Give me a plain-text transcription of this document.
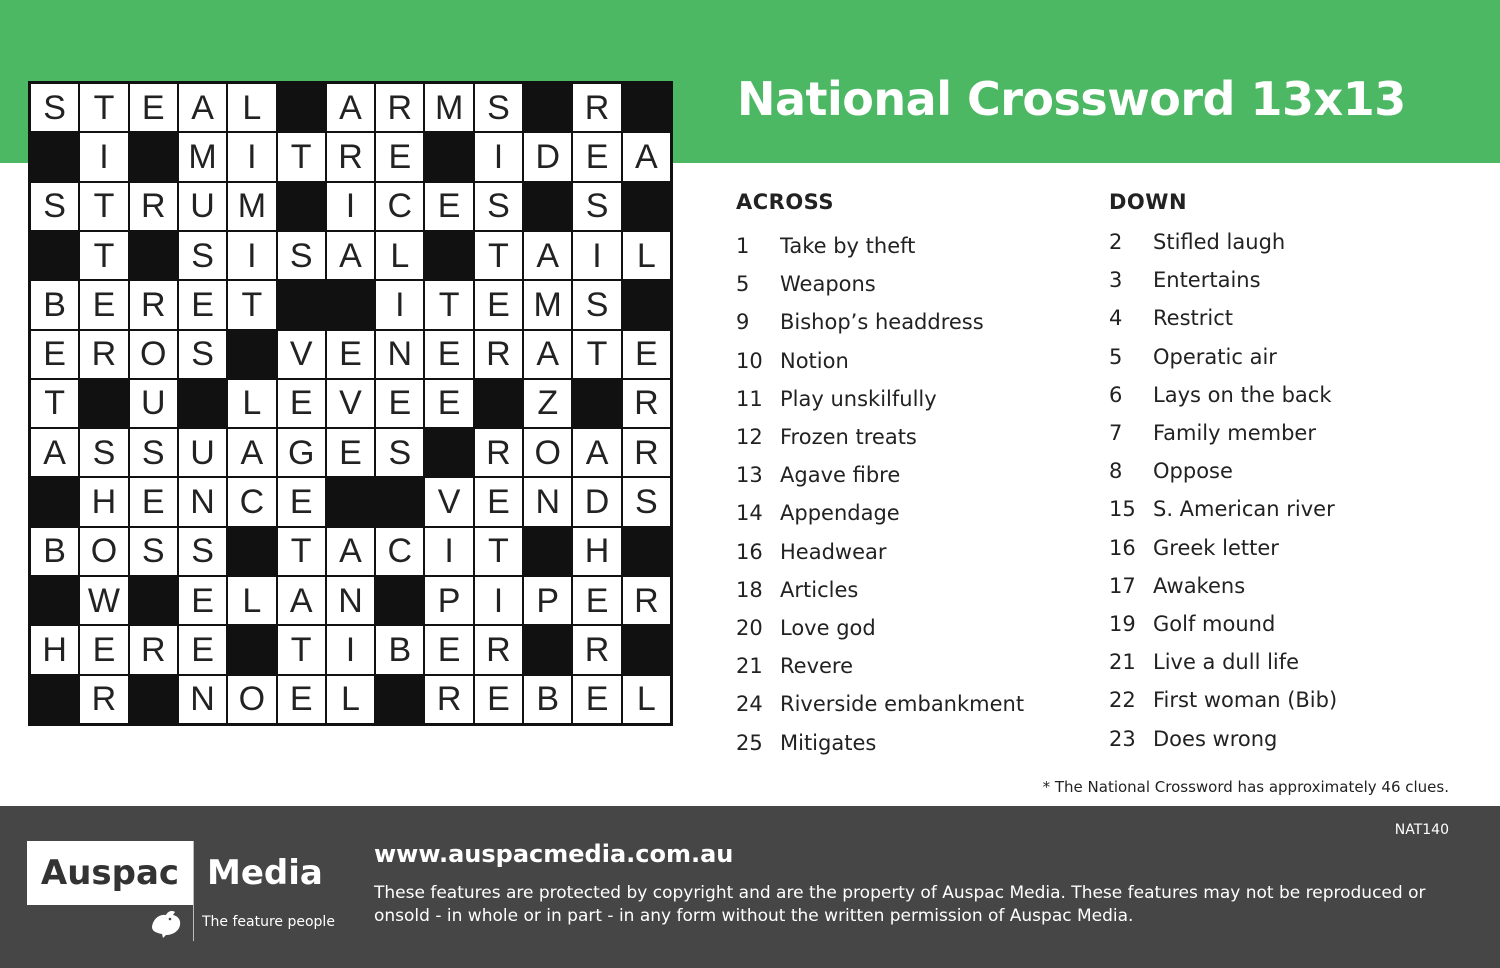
National Crossword 13x13
S T E A L	A R M S	R
I	M I	T R E	I D E A
S T R U M	I C E S	S
T	S I S A L	T A I	L
B E R E T	I	T E M S
E R O S	V E N E R A T E
T	U	L E V E E	Z	R
A S S U A G E S	R O A R
H E N C E	V E N D S
B O S S	T A C I	T	H
W	E L A N	P I P E R
H E R E	T	I B E R	R
R	N O E L	R E B E L
ACROSS
1	Take by theft
5	Weapons
9	Bishop’s headdress
10 Notion
11 Play unskilfully
12 Frozen treats
13 Agave fibre
14 Appendage
16 Headwear
18 Articles
20 Love god
21 Revere
24 Riverside embankment
25 Mitigates
DOWN
2	Stifled laugh
3	Entertains
4	Restrict
5	Operatic air
6	Lays on the back
7	Family member
8	Oppose
15 S. American river
16 Greek letter
17 Awakens
19 Golf mound
21 Live a dull life
22 First woman (Bib)
23 Does wrong
* The National Crossword has approximately 46 clues.
NAT140
Auspac Media
The feature people
www.auspacmedia.com.au
These features are protected by copyright and are the property of Auspac Media. These features may not be reproduced or onsold - in whole or in part - in any form without the written permission of Auspac Media.
